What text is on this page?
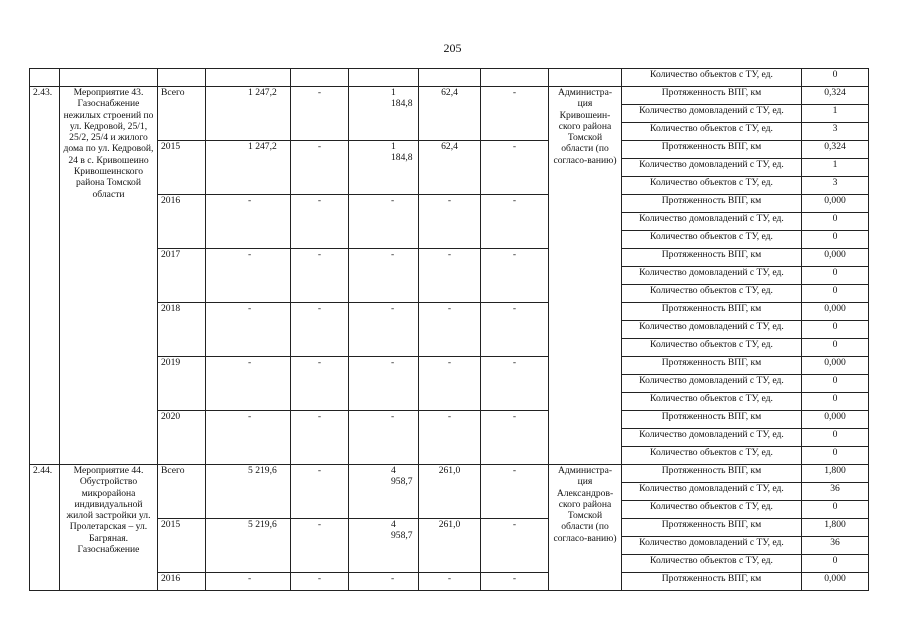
205
									Количество объектов с ТУ, ед.	0
2.43.	Мероприятие 43. Газоснабжение нежилых строений по ул. Кедровой, 25/1, 25/2, 25/4 и жилого дома по ул. Кедровой, 24 в с. Кривошеино Кривошеинского района Томской области	Всего	1 247,2	-	1 184,8	62,4	-	Администра-ция Кривошеин-ского района Томской области (по согласо-ванию)	Протяженность ВПГ, км	0,324
									Количество домовладений с ТУ, ед.	1
									Количество объектов с ТУ, ед.	3
		2015	1 247,2	-	1 184,8	62,4	-		Протяженность ВПГ, км	0,324
									Количество домовладений с ТУ, ед.	1
									Количество объектов с ТУ, ед.	3
		2016	-	-	-	-	-		Протяженность ВПГ, км	0,000
									Количество домовладений с ТУ, ед.	0
									Количество объектов с ТУ, ед.	0
		2017	-	-	-	-	-		Протяженность ВПГ, км	0,000
									Количество домовладений с ТУ, ед.	0
									Количество объектов с ТУ, ед.	0
		2018	-	-	-	-	-		Протяженность ВПГ, км	0,000
									Количество домовладений с ТУ, ед.	0
									Количество объектов с ТУ, ед.	0
		2019	-	-	-	-	-		Протяженность ВПГ, км	0,000
									Количество домовладений с ТУ, ед.	0
									Количество объектов с ТУ, ед.	0
		2020	-	-	-	-	-		Протяженность ВПГ, км	0,000
									Количество домовладений с ТУ, ед.	0
									Количество объектов с ТУ, ед.	0
2.44.	Мероприятие 44. Обустройство микрорайона индивидуальной жилой застройки ул. Пролетарская – ул. Багряная. Газоснабжение	Всего	5 219,6	-	4 958,7	261,0	-	Администра-ция Александров-ского района Томской области (по согласо-ванию)	Протяженность ВПГ, км	1,800
									Количество домовладений с ТУ, ед.	36
									Количество объектов с ТУ, ед.	0
		2015	5 219,6	-	4 958,7	261,0	-		Протяженность ВПГ, км	1,800
									Количество домовладений с ТУ, ед.	36
									Количество объектов с ТУ, ед.	0
		2016	-	-	-	-	-		Протяженность ВПГ, км	0,000
